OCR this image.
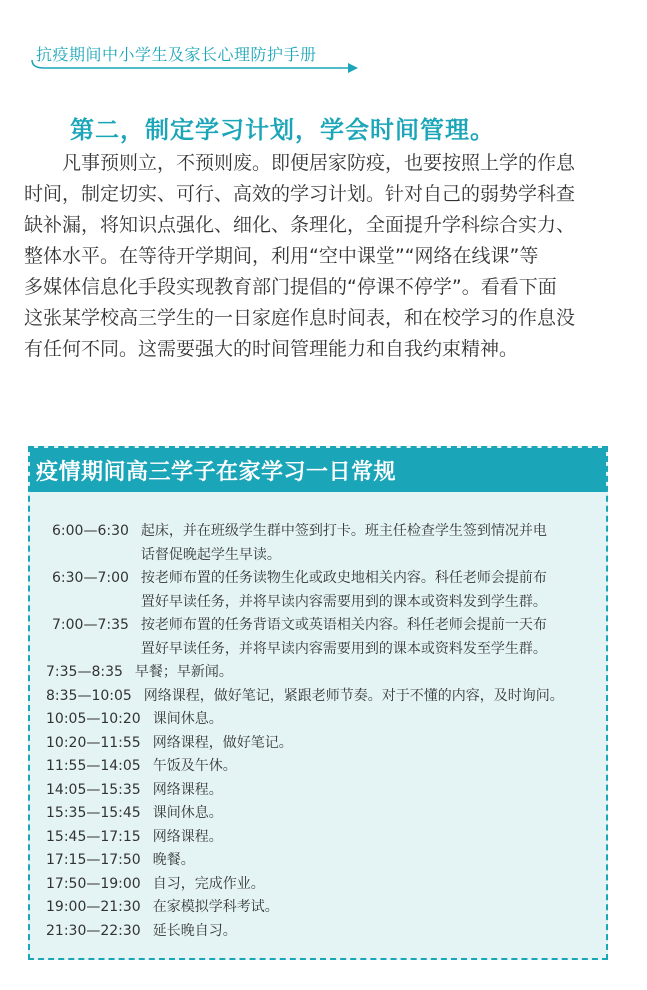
抗疫期间中小学生及家长心理防护手册
第二，制定学习计划，学会时间管理。
凡事预则立，不预则废。即便居家防疫，也要按照上学的作息
时间，制定切实、可行、高效的学习计划。针对自己的弱势学科查
缺补漏，将知识点强化、细化、条理化，全面提升学科综合实力、
整体水平。在等待开学期间，利用“空中课堂”“网络在线课”等
多媒体信息化手段实现教育部门提倡的“停课不停学”。看看下面
这张某学校高三学生的一日家庭作息时间表，和在校学习的作息没
有任何不同。这需要强大的时间管理能力和自我约束精神。
疫情期间高三学子在家学习一日常规
6:00—6:30 起床，并在班级学生群中签到打卡。班主任检查学生签到情况并电
话督促晚起学生早读。
6:30—7:00 按老师布置的任务读物生化或政史地相关内容。科任老师会提前布
置好早读任务，并将早读内容需要用到的课本或资料发到学生群。
7:00—7:35 按老师布置的任务背语文或英语相关内容。科任老师会提前一天布
置好早读任务，并将早读内容需要用到的课本或资料发至学生群。
7:35—8:35 早餐；早新闻。
8:35—10:05 网络课程，做好笔记，紧跟老师节奏。对于不懂的内容，及时询问。
10:05—10:20 课间休息。
10:20—11:55 网络课程，做好笔记。
11:55—14:05 午饭及午休。
14:05—15:35 网络课程。
15:35—15:45 课间休息。
15:45—17:15 网络课程。
17:15—17:50 晚餐。
17:50—19:00 自习，完成作业。
19:00—21:30 在家模拟学科考试。
21:30—22:30 延长晚自习。
